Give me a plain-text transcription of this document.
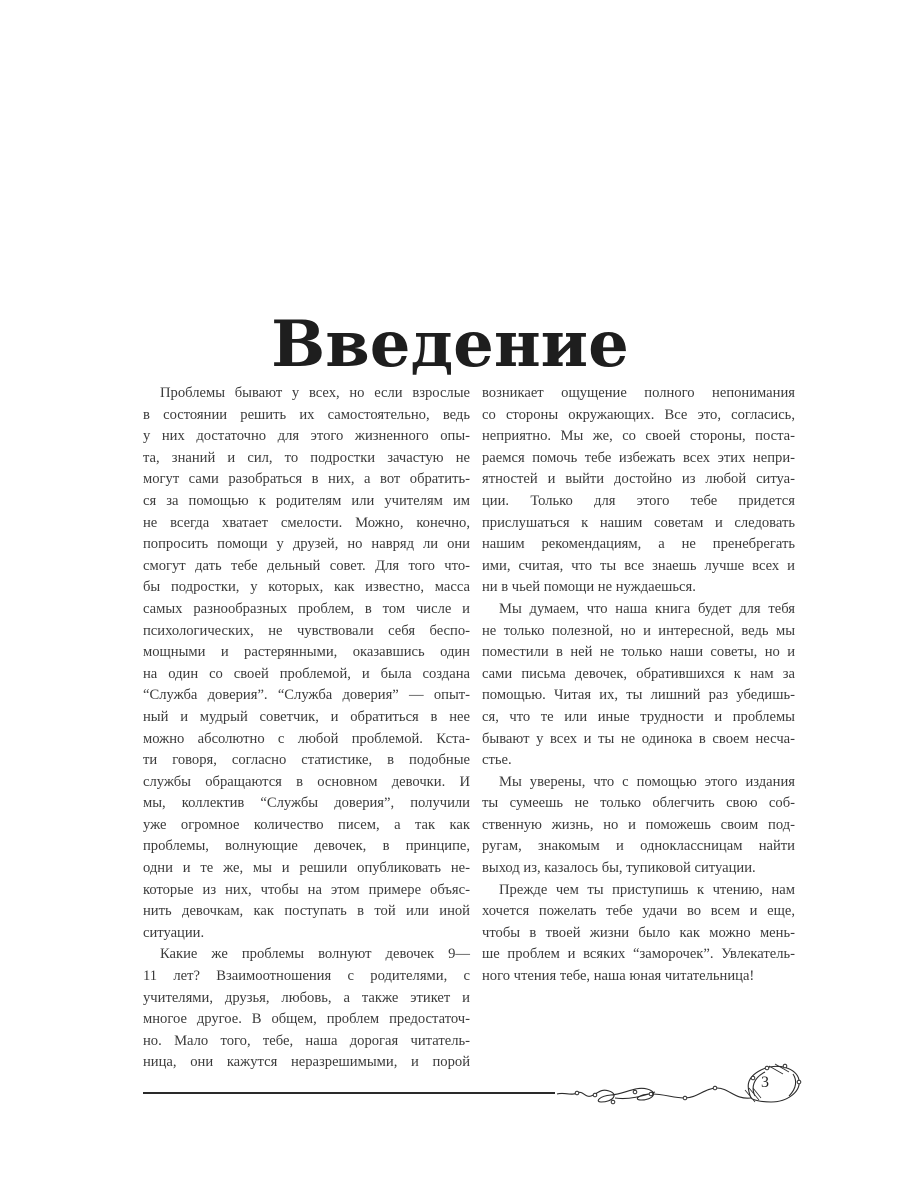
Введение
Проблемы бывают у всех, но если взрослые
в состоянии решить их самостоятельно, ведь
у них достаточно для этого жизненного опы-
та, знаний и сил, то подростки зачастую не
могут сами разобраться в них, а вот обратить-
ся за помощью к родителям или учителям им
не всегда хватает смелости. Можно, конечно,
попросить помощи у друзей, но навряд ли они
смогут дать тебе дельный совет. Для того что-
бы подростки, у которых, как известно, масса
самых разнообразных проблем, в том числе и
психологических, не чувствовали себя беспо-
мощными и растерянными, оказавшись один
на один со своей проблемой, и была создана
“Служба доверия”. “Служба доверия” — опыт-
ный и мудрый советчик, и обратиться в нее
можно абсолютно с любой проблемой. Кста-
ти говоря, согласно статистике, в подобные
службы обращаются в основном девочки. И
мы, коллектив “Службы доверия”, получили
уже огромное количество писем, а так как
проблемы, волнующие девочек, в принципе,
одни и те же, мы и решили опубликовать не-
которые из них, чтобы на этом примере объяс-
нить девочкам, как поступать в той или иной
ситуации.
Какие же проблемы волнуют девочек 9—
11 лет? Взаимоотношения с родителями, с
учителями, друзья, любовь, а также этикет и
многое другое. В общем, проблем предостаточ-
но. Мало того, тебе, наша дорогая читатель-
ница, они кажутся неразрешимыми, и порой
возникает ощущение полного непонимания
со стороны окружающих. Все это, согласись,
неприятно. Мы же, со своей стороны, поста-
раемся помочь тебе избежать всех этих непри-
ятностей и выйти достойно из любой ситуа-
ции. Только для этого тебе придется
прислушаться к нашим советам и следовать
нашим рекомендациям, а не пренебрегать
ими, считая, что ты все знаешь лучше всех и
ни в чьей помощи не нуждаешься.
Мы думаем, что наша книга будет для тебя
не только полезной, но и интересной, ведь мы
поместили в ней не только наши советы, но и
сами письма девочек, обратившихся к нам за
помощью. Читая их, ты лишний раз убедишь-
ся, что те или иные трудности и проблемы
бывают у всех и ты не одинока в своем несча-
стье.
Мы уверены, что с помощью этого издания
ты сумеешь не только облегчить свою соб-
ственную жизнь, но и поможешь своим под-
ругам, знакомым и одноклассницам найти
выход из, казалось бы, тупиковой ситуации.
Прежде чем ты приступишь к чтению, нам
хочется пожелать тебе удачи во всем и еще,
чтобы в твоей жизни было как можно мень-
ше проблем и всяких “заморочек”. Увлекатель-
ного чтения тебе, наша юная читательница!
3
